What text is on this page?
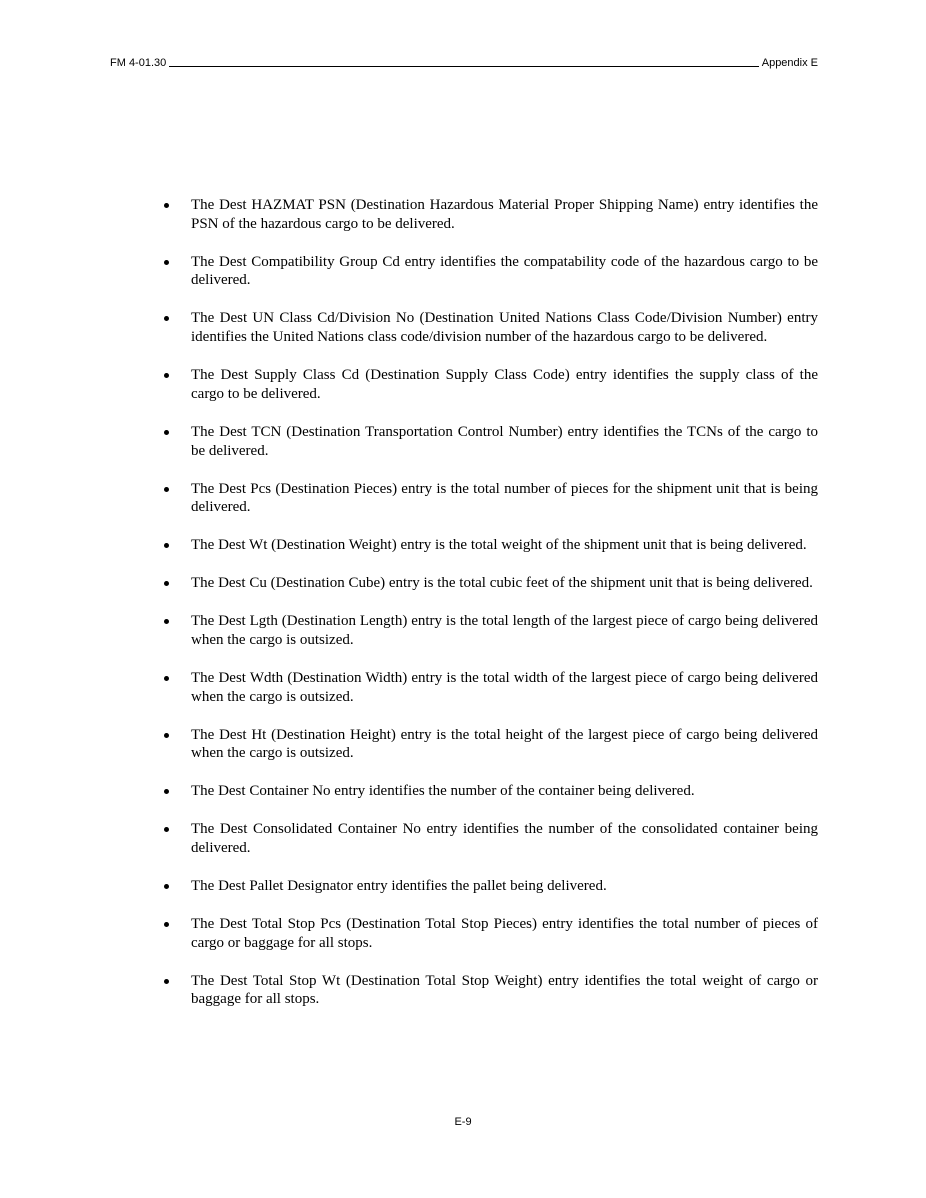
FM 4-01.30	Appendix E
The Dest HAZMAT PSN (Destination Hazardous Material Proper Shipping Name) entry identifies the PSN of the hazardous cargo to be delivered.
The Dest Compatibility Group Cd entry identifies the compatability code of the hazardous cargo to be delivered.
The Dest UN Class Cd/Division No (Destination United Nations Class Code/Division Number) entry identifies the United Nations class code/division number of the hazardous cargo to be delivered.
The Dest Supply Class Cd (Destination Supply Class Code) entry identifies the supply class of the cargo to be delivered.
The Dest TCN (Destination Transportation Control Number) entry identifies the TCNs of the cargo to be delivered.
The Dest Pcs (Destination Pieces) entry is the total number of pieces for the shipment unit that is being delivered.
The Dest Wt (Destination Weight) entry is the total weight of the shipment unit that is being delivered.
The Dest Cu (Destination Cube) entry is the total cubic feet of the shipment unit that is being delivered.
The Dest Lgth (Destination Length) entry is the total length of the largest piece of cargo being delivered when the cargo is outsized.
The Dest Wdth (Destination Width) entry is the total width of the largest piece of cargo being delivered when the cargo is outsized.
The Dest Ht (Destination Height) entry is the total height of the largest piece of cargo being delivered when the cargo is outsized.
The Dest Container No entry identifies the number of the container being delivered.
The Dest Consolidated Container No entry identifies the number of the consolidated container being delivered.
The Dest Pallet Designator entry identifies the pallet being delivered.
The Dest Total Stop Pcs (Destination Total Stop Pieces) entry identifies the total number of pieces of cargo or baggage for all stops.
The Dest Total Stop Wt (Destination Total Stop Weight) entry identifies the total weight of cargo or baggage for all stops.
E-9
